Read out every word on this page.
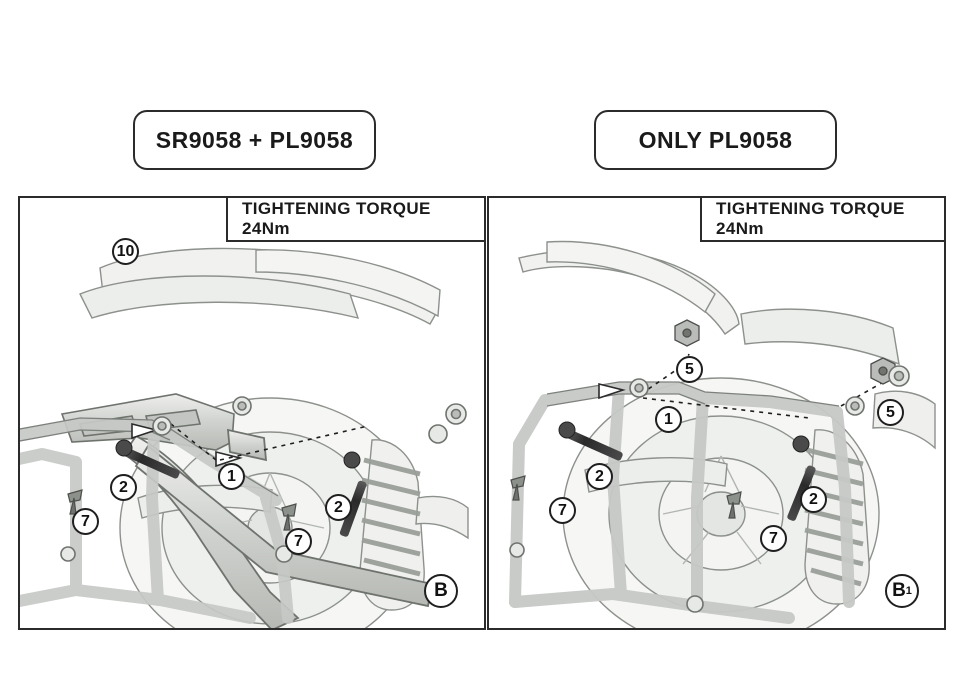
SR9058 + PL9058	ONLY PL9058
TIGHTENING TORQUE 24Nm
B
TIGHTENING TORQUE 24Nm
B 1
10
1
2
2
7
7
5
5
1
2
2
7
7
